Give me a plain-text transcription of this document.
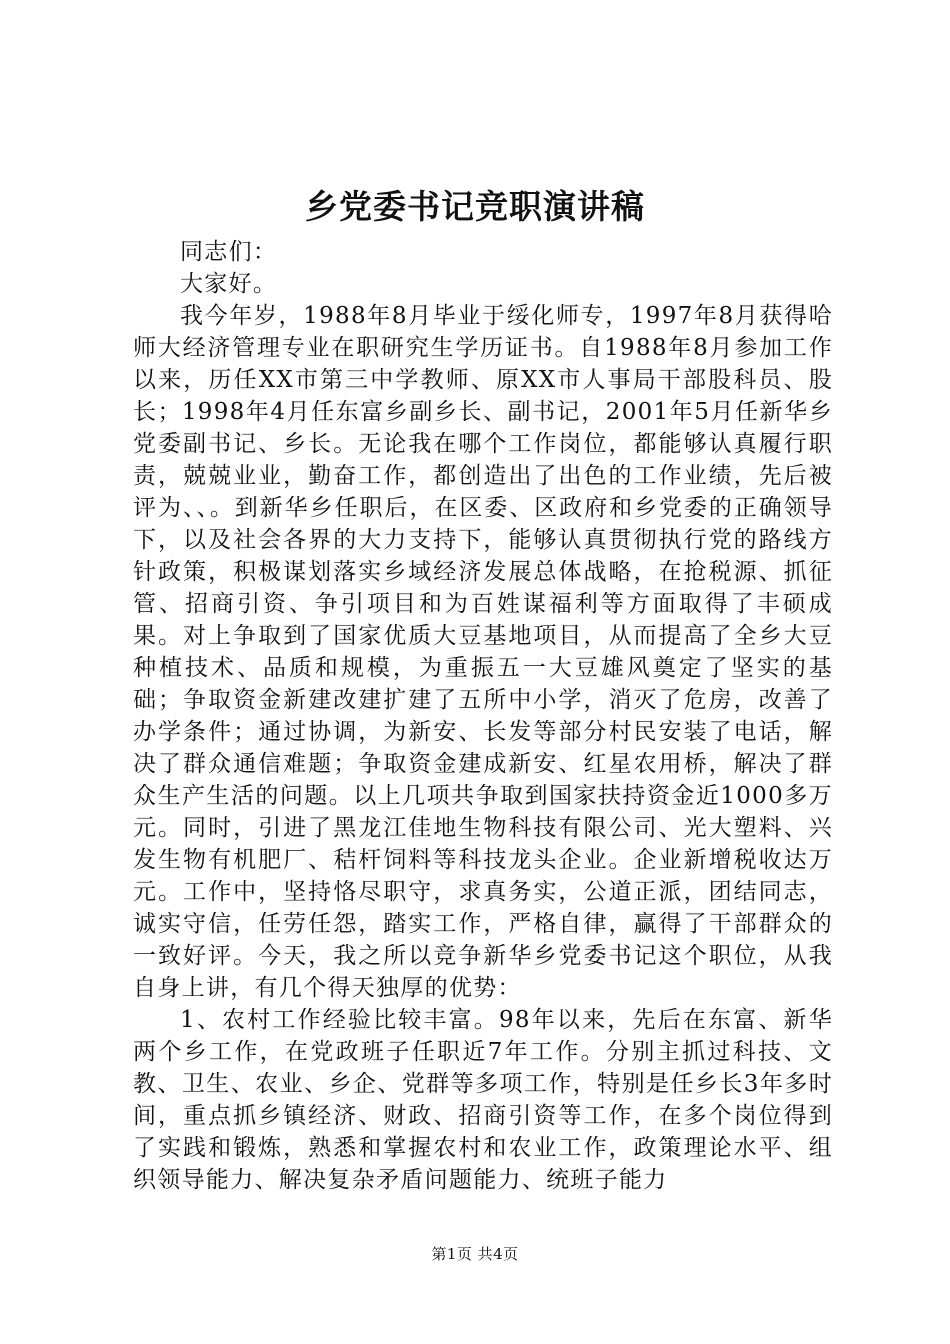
乡党委书记竞职演讲稿

同志们：

大家好。

我今年岁，1988年8月毕业于绥化师专，1997年8月获得哈师大经济管理专业在职研究生学历证书。自1988年8月参加工作以来，历任XX市第三中学教师、原XX市人事局干部股科员、股长；1998年4月任东富乡副乡长、副书记，2001年5月任新华乡党委副书记、乡长。无论我在哪个工作岗位，都能够认真履行职责，兢兢业业，勤奋工作，都创造出了出色的工作业绩，先后被评为、、。到新华乡任职后，在区委、区政府和乡党委的正确领导下，以及社会各界的大力支持下，能够认真贯彻执行党的路线方针政策，积极谋划落实乡域经济发展总体战略，在抢税源、抓征管、招商引资、争引项目和为百姓谋福利等方面取得了丰硕成果。对上争取到了国家优质大豆基地项目，从而提高了全乡大豆种植技术、品质和规模，为重振五一大豆雄风奠定了坚实的基础；争取资金新建改建扩建了五所中小学，消灭了危房，改善了办学条件；通过协调，为新安、长发等部分村民安装了电话，解决了群众通信难题；争取资金建成新安、红星农用桥，解决了群众生产生活的问题。以上几项共争取到国家扶持资金近1000多万元。同时，引进了黑龙江佳地生物科技有限公司、光大塑料、兴发生物有机肥厂、秸杆饲料等科技龙头企业。企业新增税收达万元。工作中，坚持恪尽职守，求真务实，公道正派，团结同志，诚实守信，任劳任怨，踏实工作，严格自律，赢得了干部群众的一致好评。今天，我之所以竞争新华乡党委书记这个职位，从我自身上讲，有几个得天独厚的优势：

1、农村工作经验比较丰富。98年以来，先后在东富、新华两个乡工作，在党政班子任职近7年工作。分别主抓过科技、文教、卫生、农业、乡企、党群等多项工作，特别是任乡长3年多时间，重点抓乡镇经济、财政、招商引资等工作，在多个岗位得到了实践和锻炼，熟悉和掌握农村和农业工作，政策理论水平、组织领导能力、解决复杂矛盾问题能力、统班子能力

第1页 共4页
